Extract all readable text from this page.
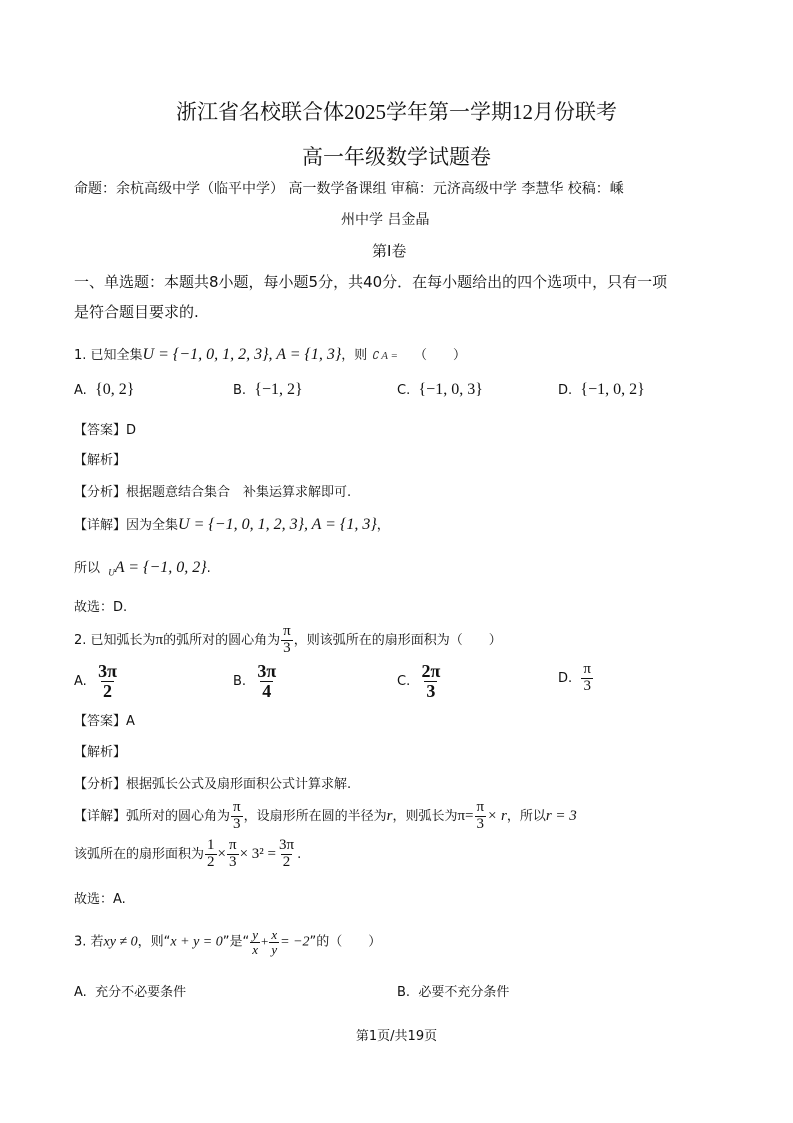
浙江省名校联合体2025学年第一学期12月份联考
高一年级数学试题卷
命题：余杭高级中学（临平中学） 高一数学备课组 审稿：元济高级中学 李慧华 校稿：嵊
州中学 吕金晶
第Ⅰ卷
一、单选题：本题共8小题，每小题5分，共40分．在每小题给出的四个选项中，只有一项
是符合题目要求的.
1. 已知全集U = {−1, 0, 1, 2, 3}, A = {1, 3}，则 ∁ A = （　　）
A. {0, 2}	B. {−1, 2}	C. {−1, 0, 3}	D. {−1, 0, 2}
【答案】D
【解析】
【分析】根据题意结合集合　补集运算求解即可.
【详解】因为全集U = {−1, 0, 1, 2, 3}, A = {1, 3}，
所以 $_U$A = {−1, 0, 2}.
故选：D.
2. 已知弧长为π的弧所对的圆心角为 $\frac{\pi}{3}$ ，则该弧所在的扇形面积为（　　）
A. $\frac{3\pi}{2}$	B. $\frac{3\pi}{4}$	C. $\frac{2\pi}{3}$	D. $\frac{\pi}{3}$
【答案】A
【解析】
【分析】根据弧长公式及扇形面积公式计算求解.
【详解】弧所对的圆心角为 $\frac{\pi}{3}$ ，设扇形所在圆的半径为r，则弧长为$\pi= \frac{\pi}{3} \times r$，所以r = 3
该弧所在的扇形面积为 $\frac{1}{2} \times \frac{\pi}{3} \times 3^2 = \frac{3\pi}{2}$ .
故选：A.
3. 若xy ≠ 0，则“x + y = 0”是“ $\frac{y}{x} + \frac{x}{y} = -2$”的（　　）
A. 充分不必要条件	B. 必要不充分条件
第1页/共19页
